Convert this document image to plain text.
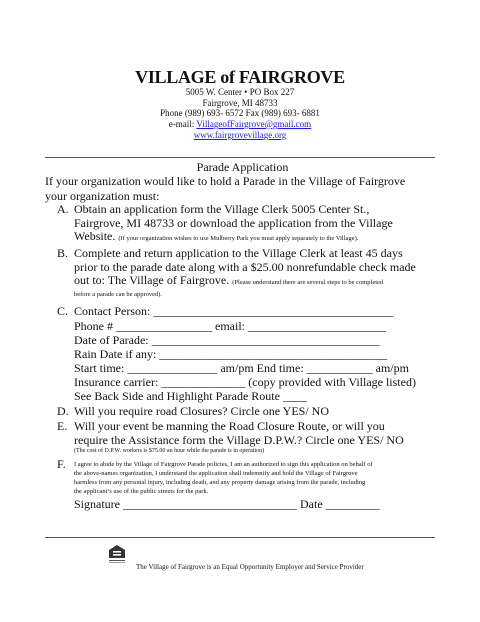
VILLAGE of FAIRGROVE
5005 W. Center • PO Box 227
Fairgrove, MI 48733
Phone (989) 693- 6572 Fax (989) 693- 6881
e-mail: VillageofFairgrove@gmail.com
www.fairgrovevillage.org
Parade Application
If your organization would like to hold a Parade in the Village of Fairgrove
your organization must:
A. Obtain an application form the Village Clerk 5005 Center St.,
Fairgrove, MI 48733 or download the application from the Village
Website. (If your organization wishes to use Mulberry Park you must apply separately to the Village).
B. Complete and return application to the Village Clerk at least 45 days
prior to the parade date along with a $25.00 nonrefundable check made
out to: The Village of Fairgrove. (Please understand there are several steps to be completed
before a parade can be approved).
C. Contact Person: ________________________________________
Phone # ________________ email: _______________________
Date of Parade: ______________________________________
Rain Date if any: ______________________________________
Start time: _______________ am/pm End time: ___________ am/pm
Insurance carrier: ______________ (copy provided with Village listed)
See Back Side and Highlight Parade Route ____
D. Will you require road Closures? Circle one YES/ NO
E. Will your event be manning the Road Closure Route, or will you
require the Assistance form the Village D.P.W.? Circle one YES/ NO
(The cost of D.P.W. workers is $75.00 an hour while the parade is in operation)
F. I agree to abide by the Village of Fairgrove Parade policies, I am an authorized to sign this application on behalf of
the above-names organization, I understand the application shall indemnify and hold the Village of Fairgrove
harmless from any personal injury, including death, and any property damage arising from the parade, including
the applicant’s use of the public streets for the park.
Signature _____________________________ Date _________
The Village of Fairgrove is an Equal Opportunity Employer and Service Provider
